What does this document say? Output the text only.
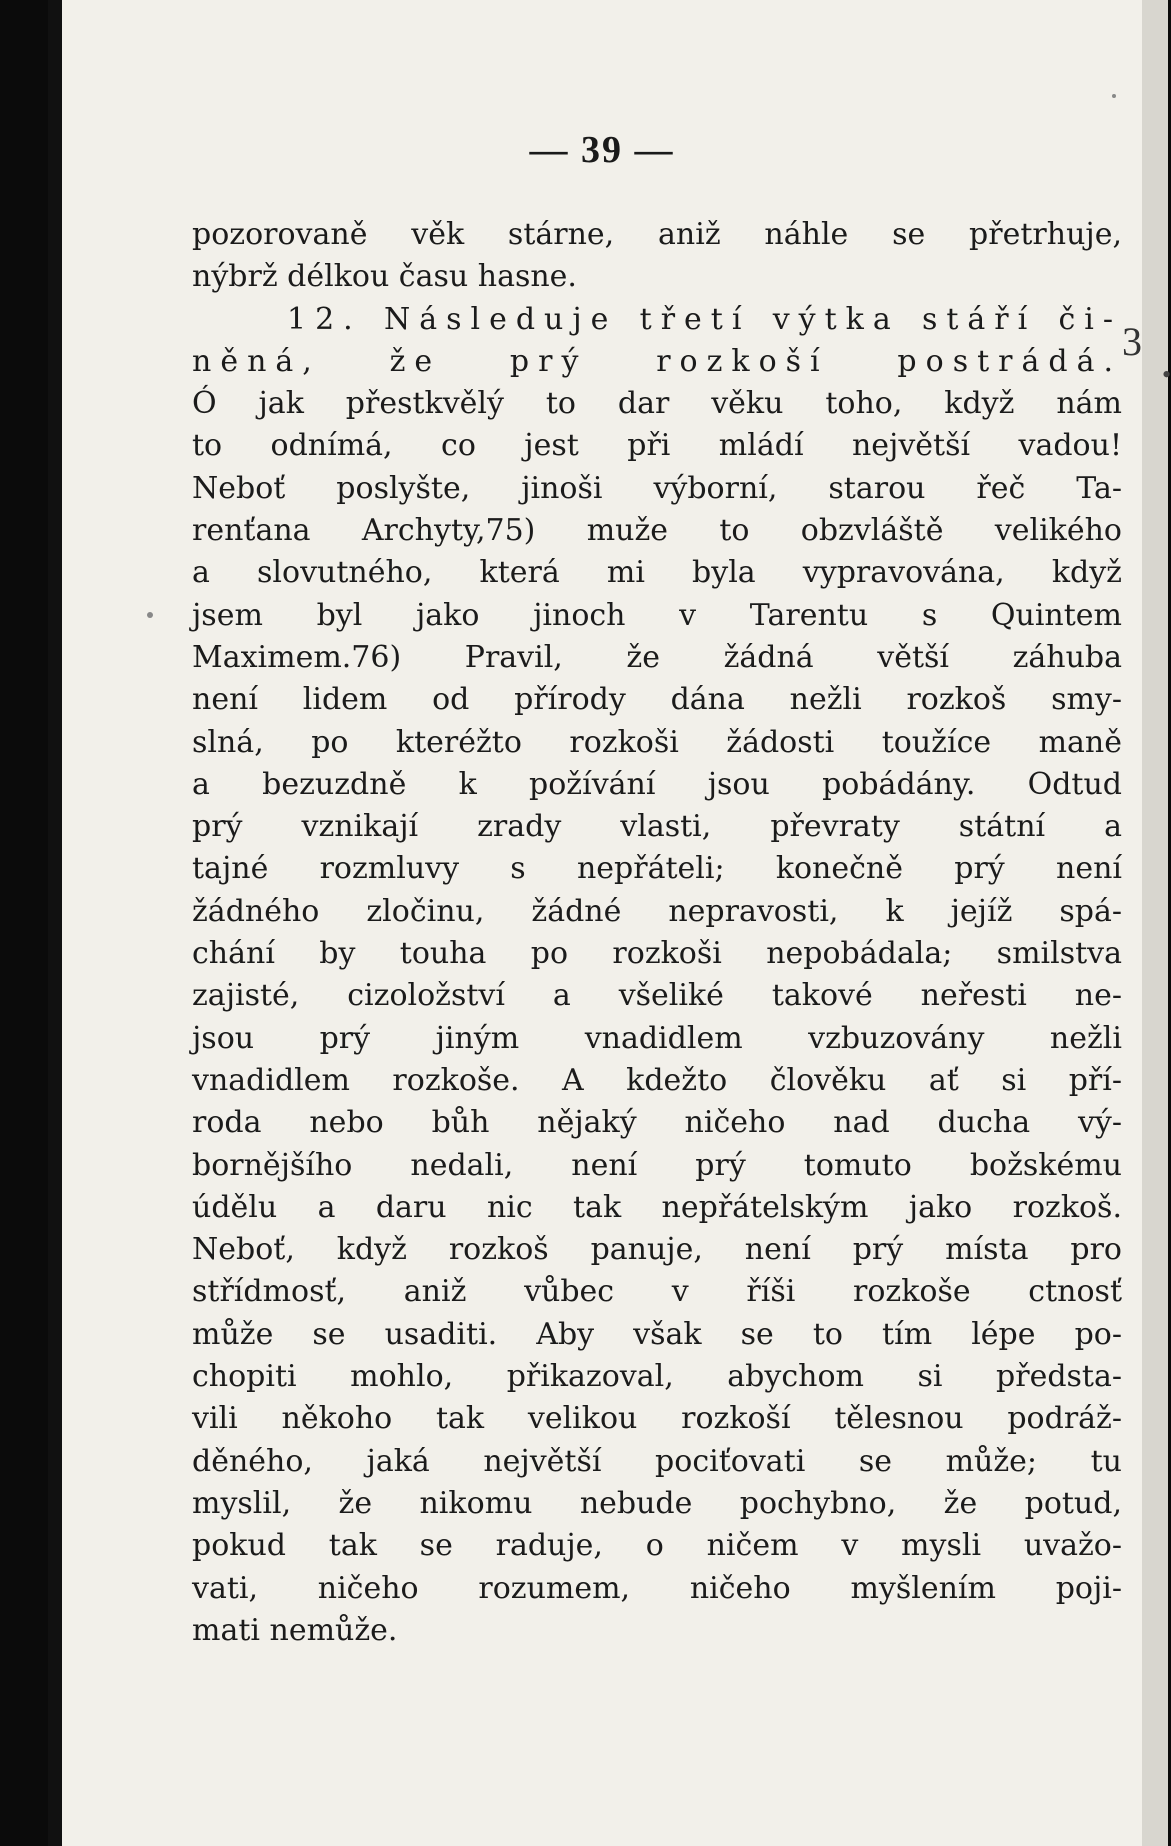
— 39 —
pozorovaně věk stárne, aniž náhle se přetrhuje,
nýbrž délkou času hasne.
12. Následuje třetí výtka stáří či-
něná, že prý rozkoší postrádá.
Ó jak přestkvělý to dar věku toho, když nám
to odnímá, co jest při mládí největší vadou!
Neboť poslyšte, jinoši výborní, starou řeč Ta-
renťana Archyty,75) muže to obzvláště velikého
a slovutného, která mi byla vypravována, když
jsem byl jako jinoch v Tarentu s Quintem
Maximem.76) Pravil, že žádná větší záhuba
není lidem od přírody dána nežli rozkoš smy-
slná, po kteréžto rozkoši žádosti toužíce maně
a bezuzdně k požívání jsou pobádány. Odtud
prý vznikají zrady vlasti, převraty státní a
tajné rozmluvy s nepřáteli; konečně prý není
žádného zločinu, žádné nepravosti, k jejíž spá-
chání by touha po rozkoši nepobádala; smilstva
zajisté, cizoložství a všeliké takové neřesti ne-
jsou prý jiným vnadidlem vzbuzovány nežli
vnadidlem rozkoše. A kdežto člověku ať si pří-
roda nebo bůh nějaký ničeho nad ducha vý-
bornějšího nedali, není prý tomuto božskému
údělu a daru nic tak nepřátelským jako rozkoš.
Neboť, když rozkoš panuje, není prý místa pro
střídmosť, aniž vůbec v říši rozkoše ctnosť
může se usaditi. Aby však se to tím lépe po-
chopiti mohlo, přikazoval, abychom si předsta-
vili někoho tak velikou rozkoší tělesnou podráž-
děného, jaká největší pociťovati se může; tu
myslil, že nikomu nebude pochybno, že potud,
pokud tak se raduje, o ničem v mysli uvažo-
vati, ničeho rozumem, ničeho myšlením poji-
mati nemůže.
3
•
